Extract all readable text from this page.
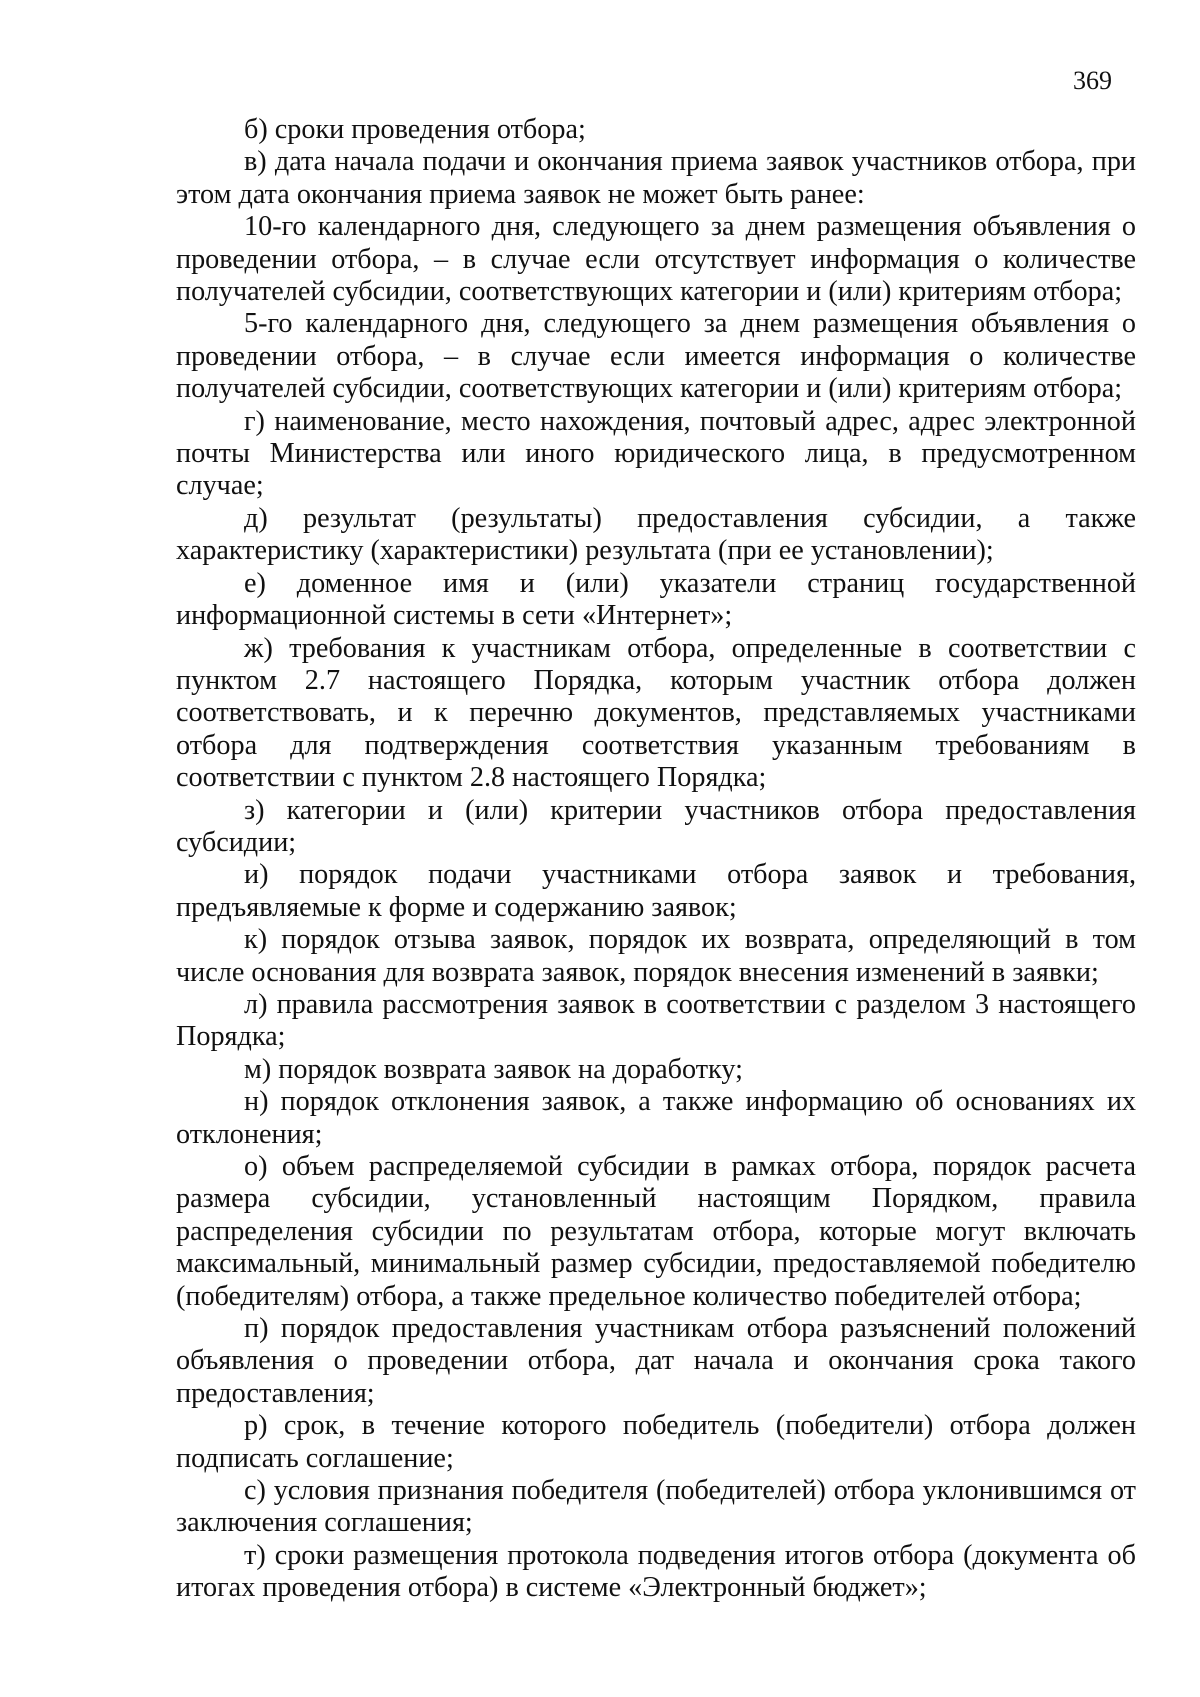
369

б) сроки проведения отбора;

в) дата начала подачи и окончания приема заявок участников отбора, при этом дата окончания приема заявок не может быть ранее:

10-го календарного дня, следующего за днем размещения объявления о проведении отбора, – в случае если отсутствует информация о количестве получателей субсидии, соответствующих категории и (или) критериям отбора;

5-го календарного дня, следующего за днем размещения объявления о проведении отбора, – в случае если имеется информация о количестве получателей субсидии, соответствующих категории и (или) критериям отбора;

г) наименование, место нахождения, почтовый адрес, адрес электронной почты Министерства или иного юридического лица, в предусмотренном случае;

д) результат (результаты) предоставления субсидии, а также характеристику (характеристики) результата (при ее установлении);

е) доменное имя и (или) указатели страниц государственной информационной системы в сети «Интернет»;

ж) требования к участникам отбора, определенные в соответствии с пунктом 2.7 настоящего Порядка, которым участник отбора должен соответствовать, и к перечню документов, представляемых участниками отбора для подтверждения соответствия указанным требованиям в соответствии с пунктом 2.8 настоящего Порядка;

з) категории и (или) критерии участников отбора предоставления субсидии;

и) порядок подачи участниками отбора заявок и требования, предъявляемые к форме и содержанию заявок;

к) порядок отзыва заявок, порядок их возврата, определяющий в том числе основания для возврата заявок, порядок внесения изменений в заявки;

л) правила рассмотрения заявок в соответствии с разделом 3 настоящего Порядка;

м) порядок возврата заявок на доработку;

н) порядок отклонения заявок, а также информацию об основаниях их отклонения;

о) объем распределяемой субсидии в рамках отбора, порядок расчета размера субсидии, установленный настоящим Порядком, правила распределения субсидии по результатам отбора, которые могут включать максимальный, минимальный размер субсидии, предоставляемой победителю (победителям) отбора, а также предельное количество победителей отбора;

п) порядок предоставления участникам отбора разъяснений положений объявления о проведении отбора, дат начала и окончания срока такого предоставления;

р) срок, в течение которого победитель (победители) отбора должен подписать соглашение;

с) условия признания победителя (победителей) отбора уклонившимся от заключения соглашения;

т) сроки размещения протокола подведения итогов отбора (документа об итогах проведения отбора) в системе «Электронный бюджет»;
